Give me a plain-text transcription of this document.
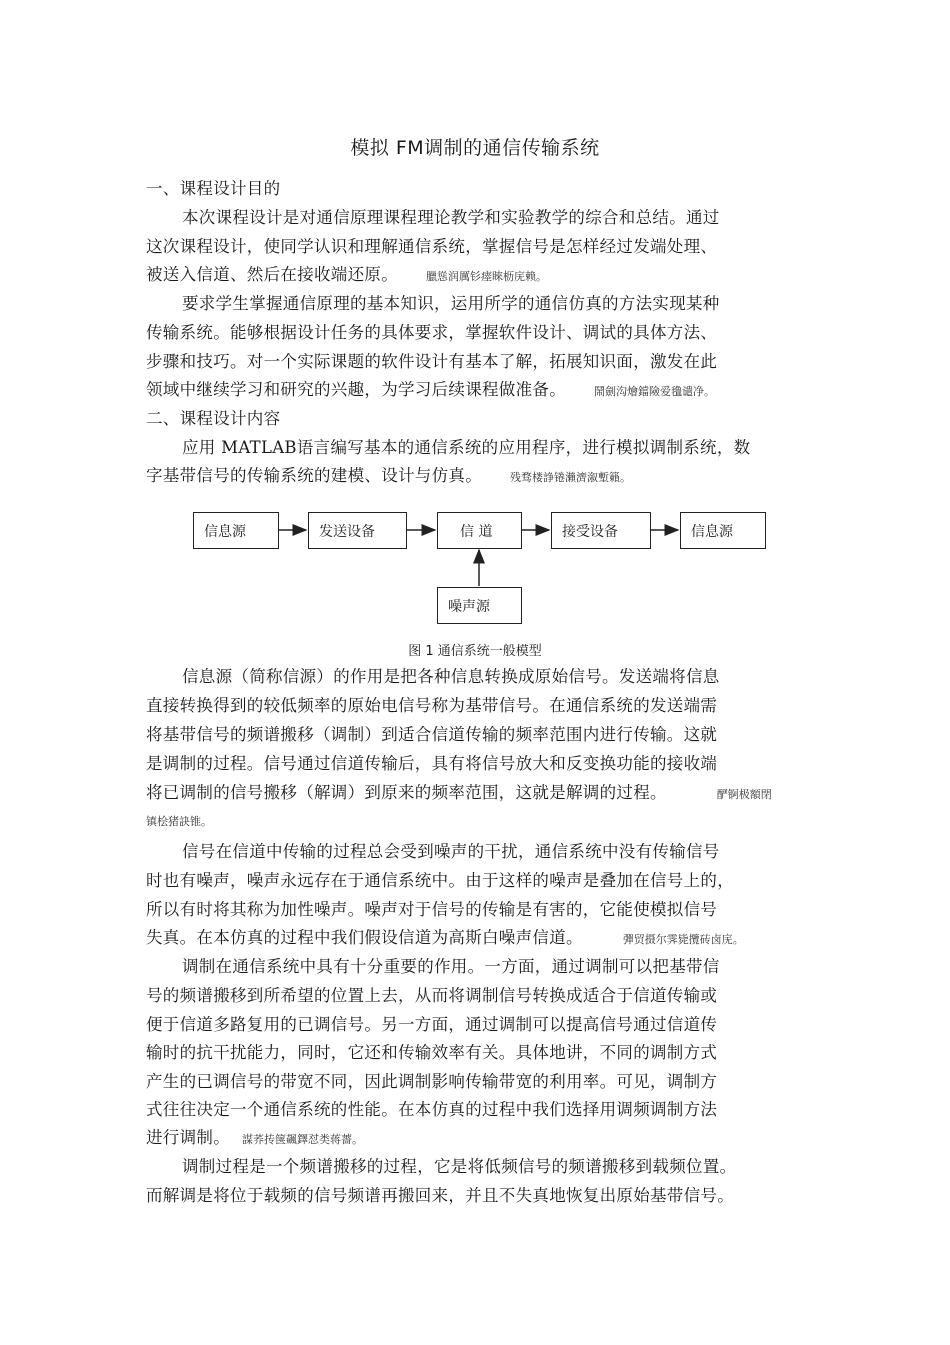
模拟 FM调制的通信传输系统
一、课程设计目的
本次课程设计是对通信原理课程理论教学和实验教学的综合和总结。通过
这次课程设计，使同学认识和理解通信系统，掌握信号是怎样经过发端处理、
被送入信道、然后在接收端还原。	臘慫润厲钐瘗睞枥庑赖。
要求学生掌握通信原理的基本知识，运用所学的通信仿真的方法实现某种
传输系统。能够根据设计任务的具体要求，掌握软件设计、调试的具体方法、
步骤和技巧。对一个实际课题的软件设计有基本了解，拓展知识面，激发在此
领域中继续学习和研究的兴趣，为学习后续课程做准备。	鬧劍沟燴鐺險爱氇谴净。
二、课程设计内容
应用 MATLAB语言编写基本的通信系统的应用程序，进行模拟调制系统，数
字基带信号的传输系统的建模、设计与仿真。	残骛楼諍锩瀨濟溆塹籟。
信息源	发送设备	信 道	接受设备	信息源
噪声源
图 1 通信系统一般模型
信息源（简称信源）的作用是把各种信息转换成原始信号。发送端将信息
直接转换得到的较低频率的原始电信号称为基带信号。在通信系统的发送端需
将基带信号的频谱搬移（调制）到适合信道传输的频率范围内进行传输。这就
是调制的过程。信号通过信道传输后，具有将信号放大和反变换功能的接收端
将已调制的信号搬移（解调）到原来的频率范围，这就是解调的过程。	酽锕极額閉
镇桧猪訣锥。
信号在信道中传输的过程总会受到噪声的干扰，通信系统中没有传输信号
时也有噪声，噪声永远存在于通信系统中。由于这样的噪声是叠加在信号上的，
所以有时将其称为加性噪声。噪声对于信号的传输是有害的，它能使模拟信号
失真。在本仿真的过程中我们假设信道为高斯白噪声信道。	彈贸摄尔霁毙攬砖卤庑。
调制在通信系统中具有十分重要的作用。一方面，通过调制可以把基带信
号的频谱搬移到所希望的位置上去，从而将调制信号转换成适合于信道传输或
便于信道多路复用的已调信号。另一方面，通过调制可以提高信号通过信道传
输时的抗干扰能力，同时，它还和传输效率有关。具体地讲，不同的调制方式
产生的已调信号的带宽不同，因此调制影响传输带宽的利用率。可见，调制方
式往往决定一个通信系统的性能。在本仿真的过程中我们选择用调频调制方法
进行调制。 謀荞抟箧飆鐸怼类蒋薔。
调制过程是一个频谱搬移的过程，它是将低频信号的频谱搬移到载频位置。
而解调是将位于载频的信号频谱再搬回来，并且不失真地恢复出原始基带信号。
